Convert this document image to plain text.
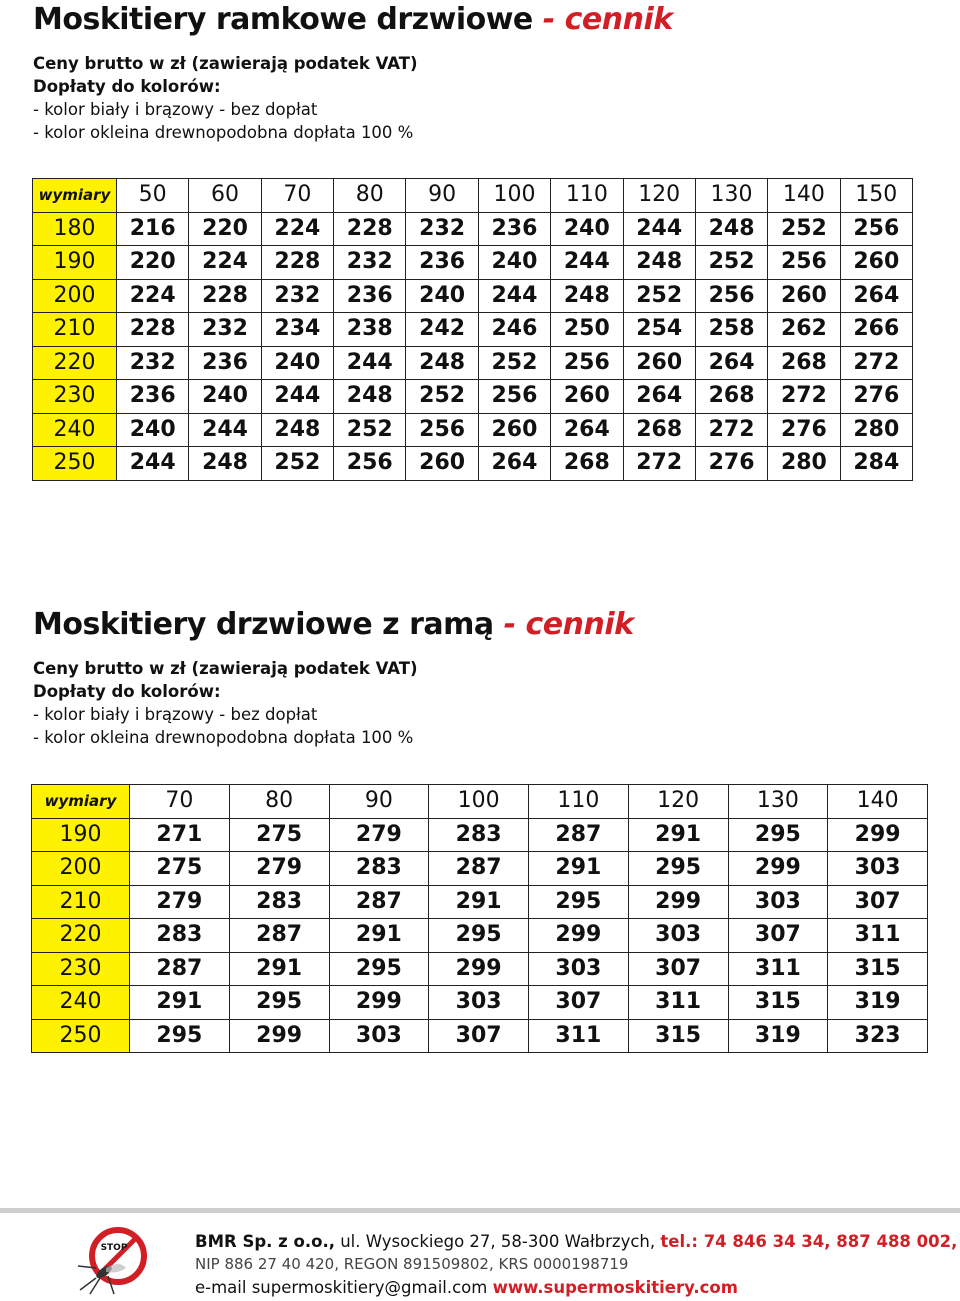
Moskitiery ramkowe drzwiowe - cennik
Ceny brutto w zł (zawierają podatek VAT)
Dopłaty do kolorów:
- kolor biały i brązowy - bez dopłat
- kolor okleina drewnopodobna dopłata 100 %
wymiary	50	60	70	80	90	100	110	120	130	140	150
180	216	220	224	228	232	236	240	244	248	252	256
190	220	224	228	232	236	240	244	248	252	256	260
200	224	228	232	236	240	244	248	252	256	260	264
210	228	232	234	238	242	246	250	254	258	262	266
220	232	236	240	244	248	252	256	260	264	268	272
230	236	240	244	248	252	256	260	264	268	272	276
240	240	244	248	252	256	260	264	268	272	276	280
250	244	248	252	256	260	264	268	272	276	280	284
Moskitiery drzwiowe z ramą - cennik
Ceny brutto w zł (zawierają podatek VAT)
Dopłaty do kolorów:
- kolor biały i brązowy - bez dopłat
- kolor okleina drewnopodobna dopłata 100 %
wymiary	70	80	90	100	110	120	130	140
190	271	275	279	283	287	291	295	299
200	275	279	283	287	291	295	299	303
210	279	283	287	291	295	299	303	307
220	283	287	291	295	299	303	307	311
230	287	291	295	299	303	307	311	315
240	291	295	299	303	307	311	315	319
250	295	299	303	307	311	315	319	323
STOP	BMR Sp. z o.o., ul. Wysockiego 27, 58-300 Wałbrzych, tel.: 74 846 34 34, 887 488 002,
NIP 886 27 40 420, REGON 891509802, KRS 0000198719
e-mail supermoskitiery@gmail.com www.supermoskitiery.com
